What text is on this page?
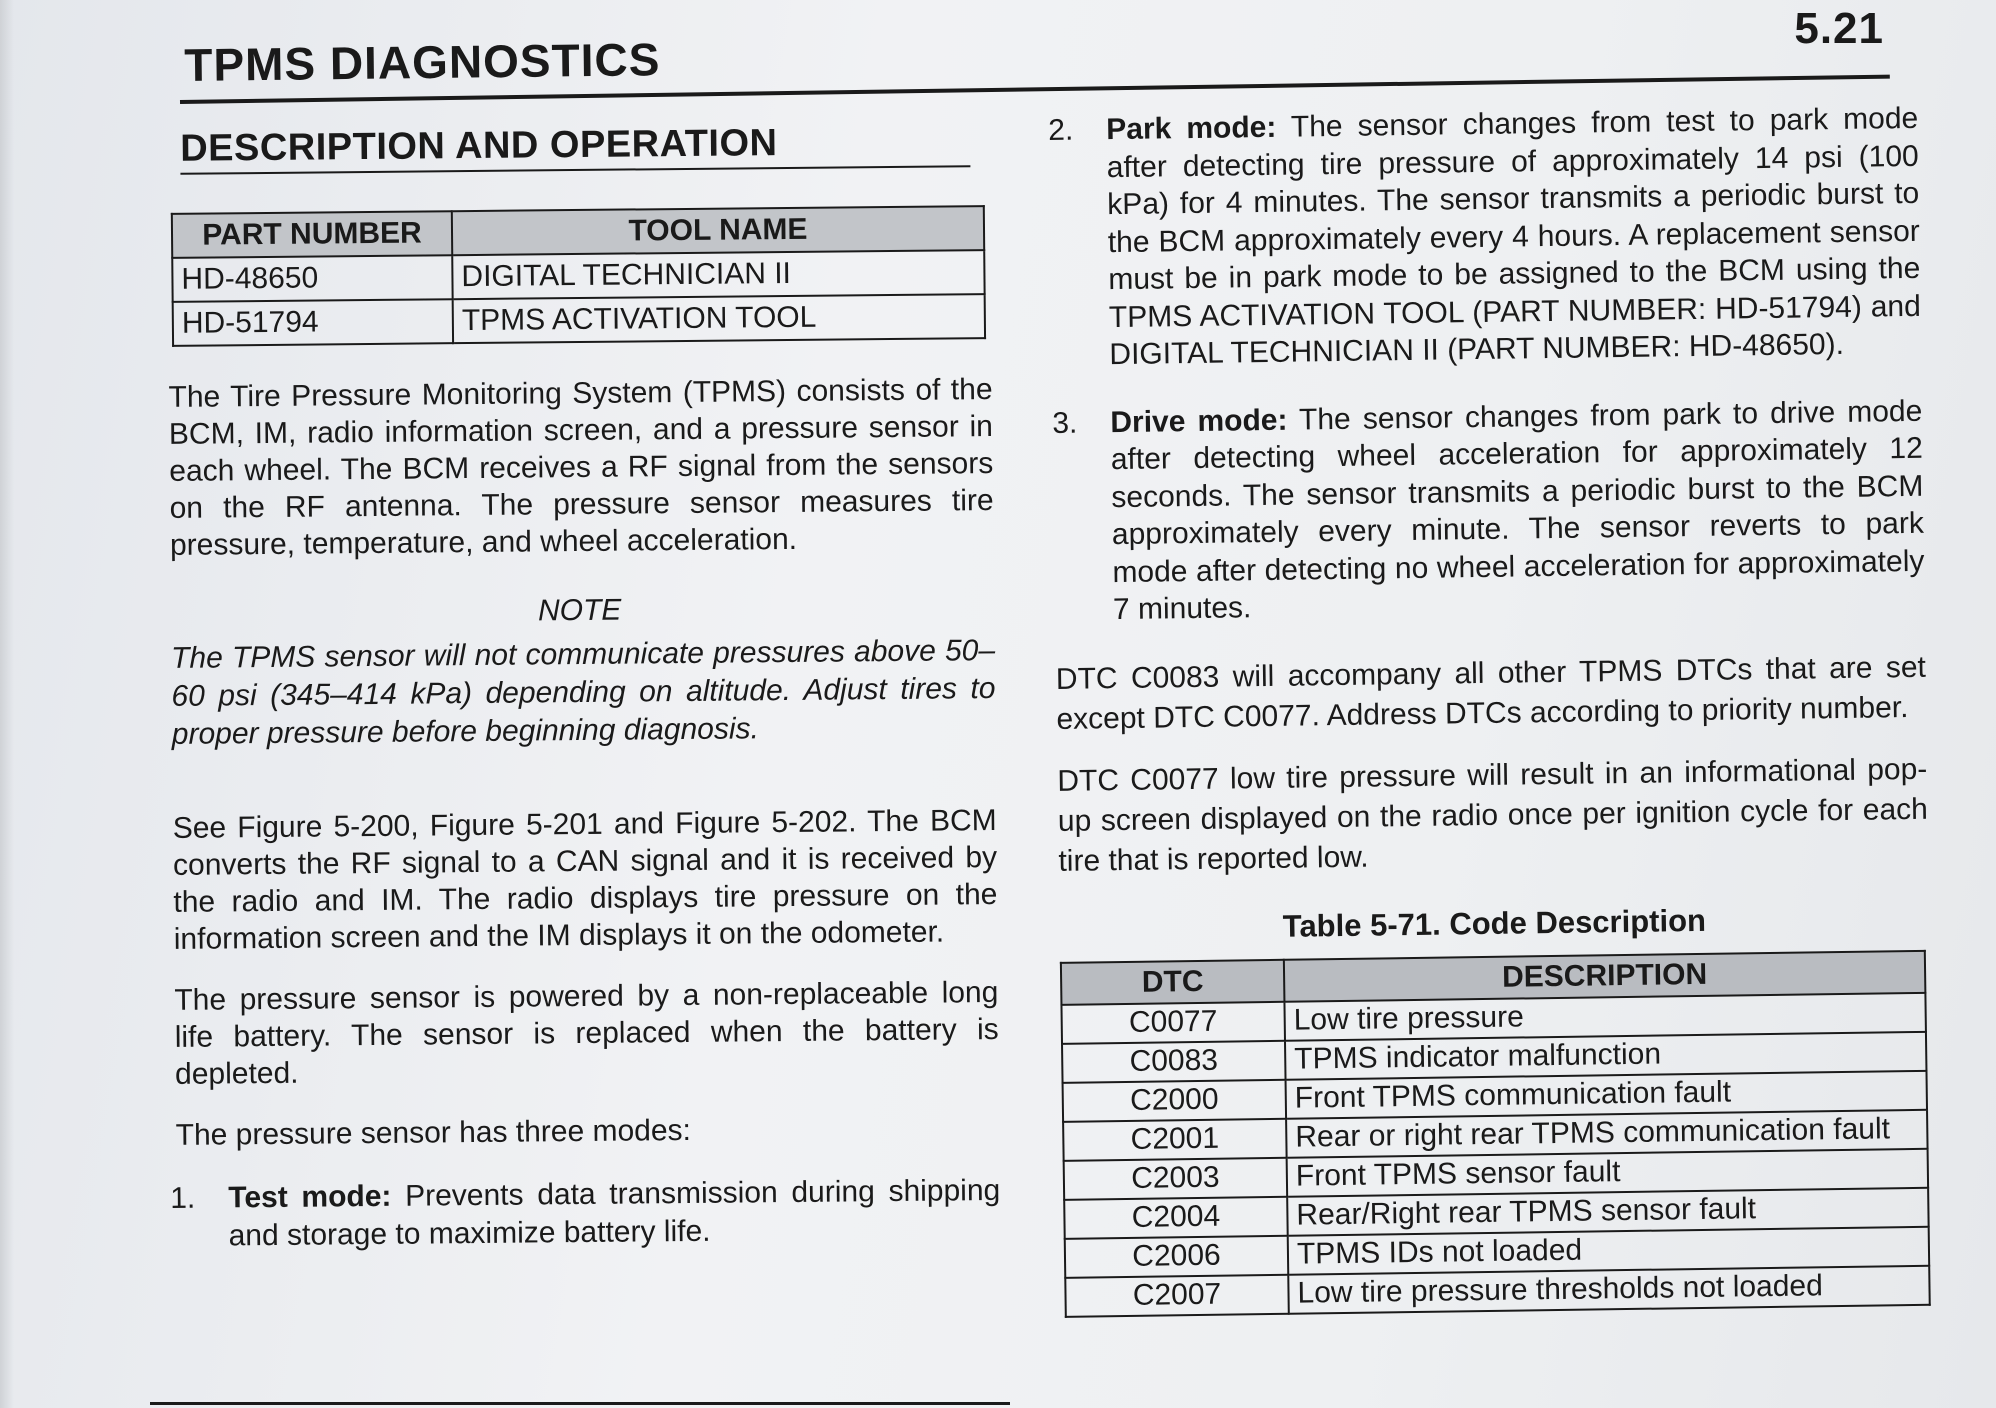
5.21
TPMS DIAGNOSTICS
DESCRIPTION AND OPERATION
PART NUMBER	TOOL NAME
HD-48650	DIGITAL TECHNICIAN II
HD-51794	TPMS ACTIVATION TOOL

The Tire Pressure Monitoring System (TPMS) consists of the BCM, IM, radio information screen, and a pressure sensor in each wheel. The BCM receives a RF signal from the sensors on the RF antenna. The pressure sensor measures tire pressure, temperature, and wheel acceleration.

NOTE

The TPMS sensor will not communicate pressures above 50–60 psi (345–414 kPa) depending on altitude. Adjust tires to proper pressure before beginning diagnosis.

See Figure 5-200, Figure 5-201 and Figure 5-202. The BCM converts the RF signal to a CAN signal and it is received by the radio and IM. The radio displays tire pressure on the information screen and the IM displays it on the odometer.

The pressure sensor is powered by a non-replaceable long life battery. The sensor is replaced when the battery is depleted.

The pressure sensor has three modes:

1.	Test mode: Prevents data transmission during shipping and storage to maximize battery life.
2.	Park mode: The sensor changes from test to park mode after detecting tire pressure of approximately 14 psi (100 kPa) for 4 minutes. The sensor transmits a periodic burst to the BCM approximately every 4 hours. A replacement sensor must be in park mode to be assigned to the BCM using the TPMS ACTIVATION TOOL (PART NUMBER: HD-51794) and DIGITAL TECHNICIAN II (PART NUMBER: HD-48650).
3.	Drive mode: The sensor changes from park to drive mode after detecting wheel acceleration for approximately 12 seconds. The sensor transmits a periodic burst to the BCM approximately every minute. The sensor reverts to park mode after detecting no wheel acceleration for approximately 7 minutes.

DTC C0083 will accompany all other TPMS DTCs that are set except DTC C0077. Address DTCs according to priority number.

DTC C0077 low tire pressure will result in an informational pop-up screen displayed on the radio once per ignition cycle for each tire that is reported low.

Table 5-71. Code Description
DTC	DESCRIPTION
C0077	Low tire pressure
C0083	TPMS indicator malfunction
C2000	Front TPMS communication fault
C2001	Rear or right rear TPMS communication fault
C2003	Front TPMS sensor fault
C2004	Rear/Right rear TPMS sensor fault
C2006	TPMS IDs not loaded
C2007	Low tire pressure thresholds not loaded
